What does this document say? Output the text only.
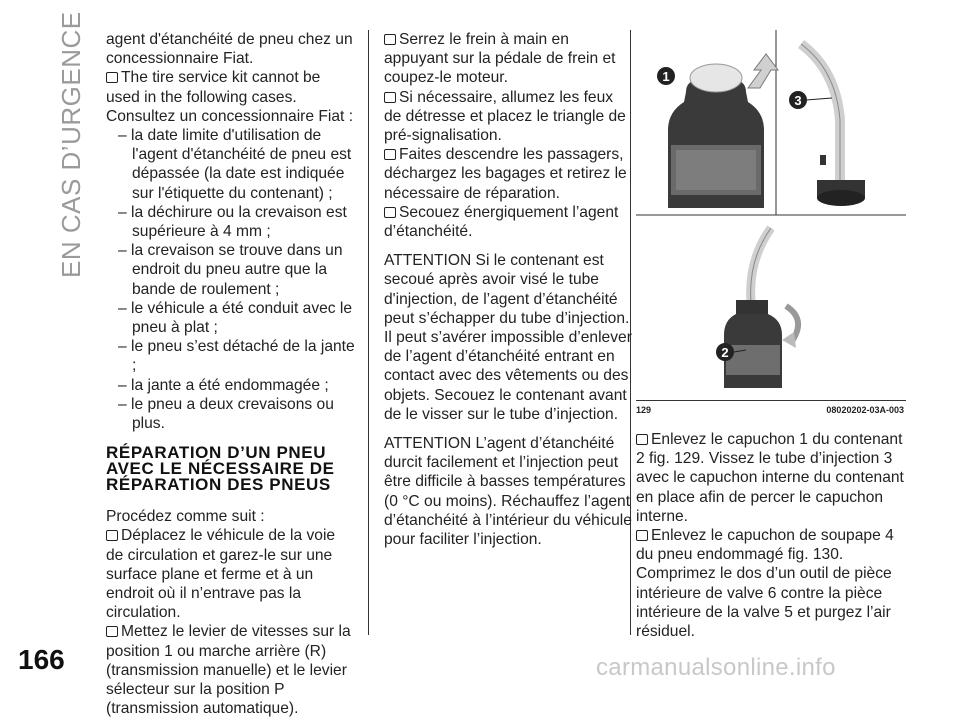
EN CAS D’URGENCE
166

agent d'étanchéité de pneu chez un concessionnaire Fiat.

The tire service kit cannot be used in the following cases. Consultez un concessionnaire Fiat :

– la date limite d'utilisation de l'agent d'étanchéité de pneu est dépassée (la date est indiquée sur l'étiquette du contenant) ;

– la déchirure ou la crevaison est supérieure à 4 mm ;

– la crevaison se trouve dans un endroit du pneu autre que la bande de roulement ;

– le véhicule a été conduit avec le pneu à plat ;

– le pneu s’est détaché de la jante ;

– la jante a été endommagée ;

– le pneu a deux crevaisons ou plus.

RÉPARATION D’UN PNEU AVEC LE NÉCESSAIRE DE RÉPARATION DES PNEUS

Procédez comme suit :

Déplacez le véhicule de la voie de circulation et garez-le sur une surface plane et ferme et à un endroit où il n’entrave pas la circulation.

Mettez le levier de vitesses sur la position 1 ou marche arrière (R) (transmission manuelle) et le levier sélecteur sur la position P (transmission automatique).

Serrez le frein à main en appuyant sur la pédale de frein et coupez-le moteur.

Si nécessaire, allumez les feux de détresse et placez le triangle de pré-signalisation.

Faites descendre les passagers, déchargez les bagages et retirez le nécessaire de réparation.

Secouez énergiquement l’agent d’étanchéité.

ATTENTION Si le contenant est secoué après avoir visé le tube d'injection, de l’agent d’étanchéité peut s’échapper du tube d’injection. Il peut s’avérer impossible d’enlever de l’agent d’étanchéité entrant en contact avec des vêtements ou des objets. Secouez le contenant avant de le visser sur le tube d’injection.

ATTENTION L’agent d’étanchéité durcit facilement et l’injection peut être difficile à basses températures (0 °C ou moins). Réchauffez l’agent d’étanchéité à l’intérieur du véhicule pour faciliter l’injection.

1
3
2
129	08020202-03A-003

Enlevez le capuchon 1 du contenant 2 fig. 129. Vissez le tube d’injection 3 avec le capuchon interne du contenant en place afin de percer le capuchon interne.

Enlevez le capuchon de soupape 4 du pneu endommagé fig. 130. Comprimez le dos d’un outil de pièce intérieure de valve 6 contre la pièce intérieure de la valve 5 et purgez l’air résiduel.

carmanualsonline.info
